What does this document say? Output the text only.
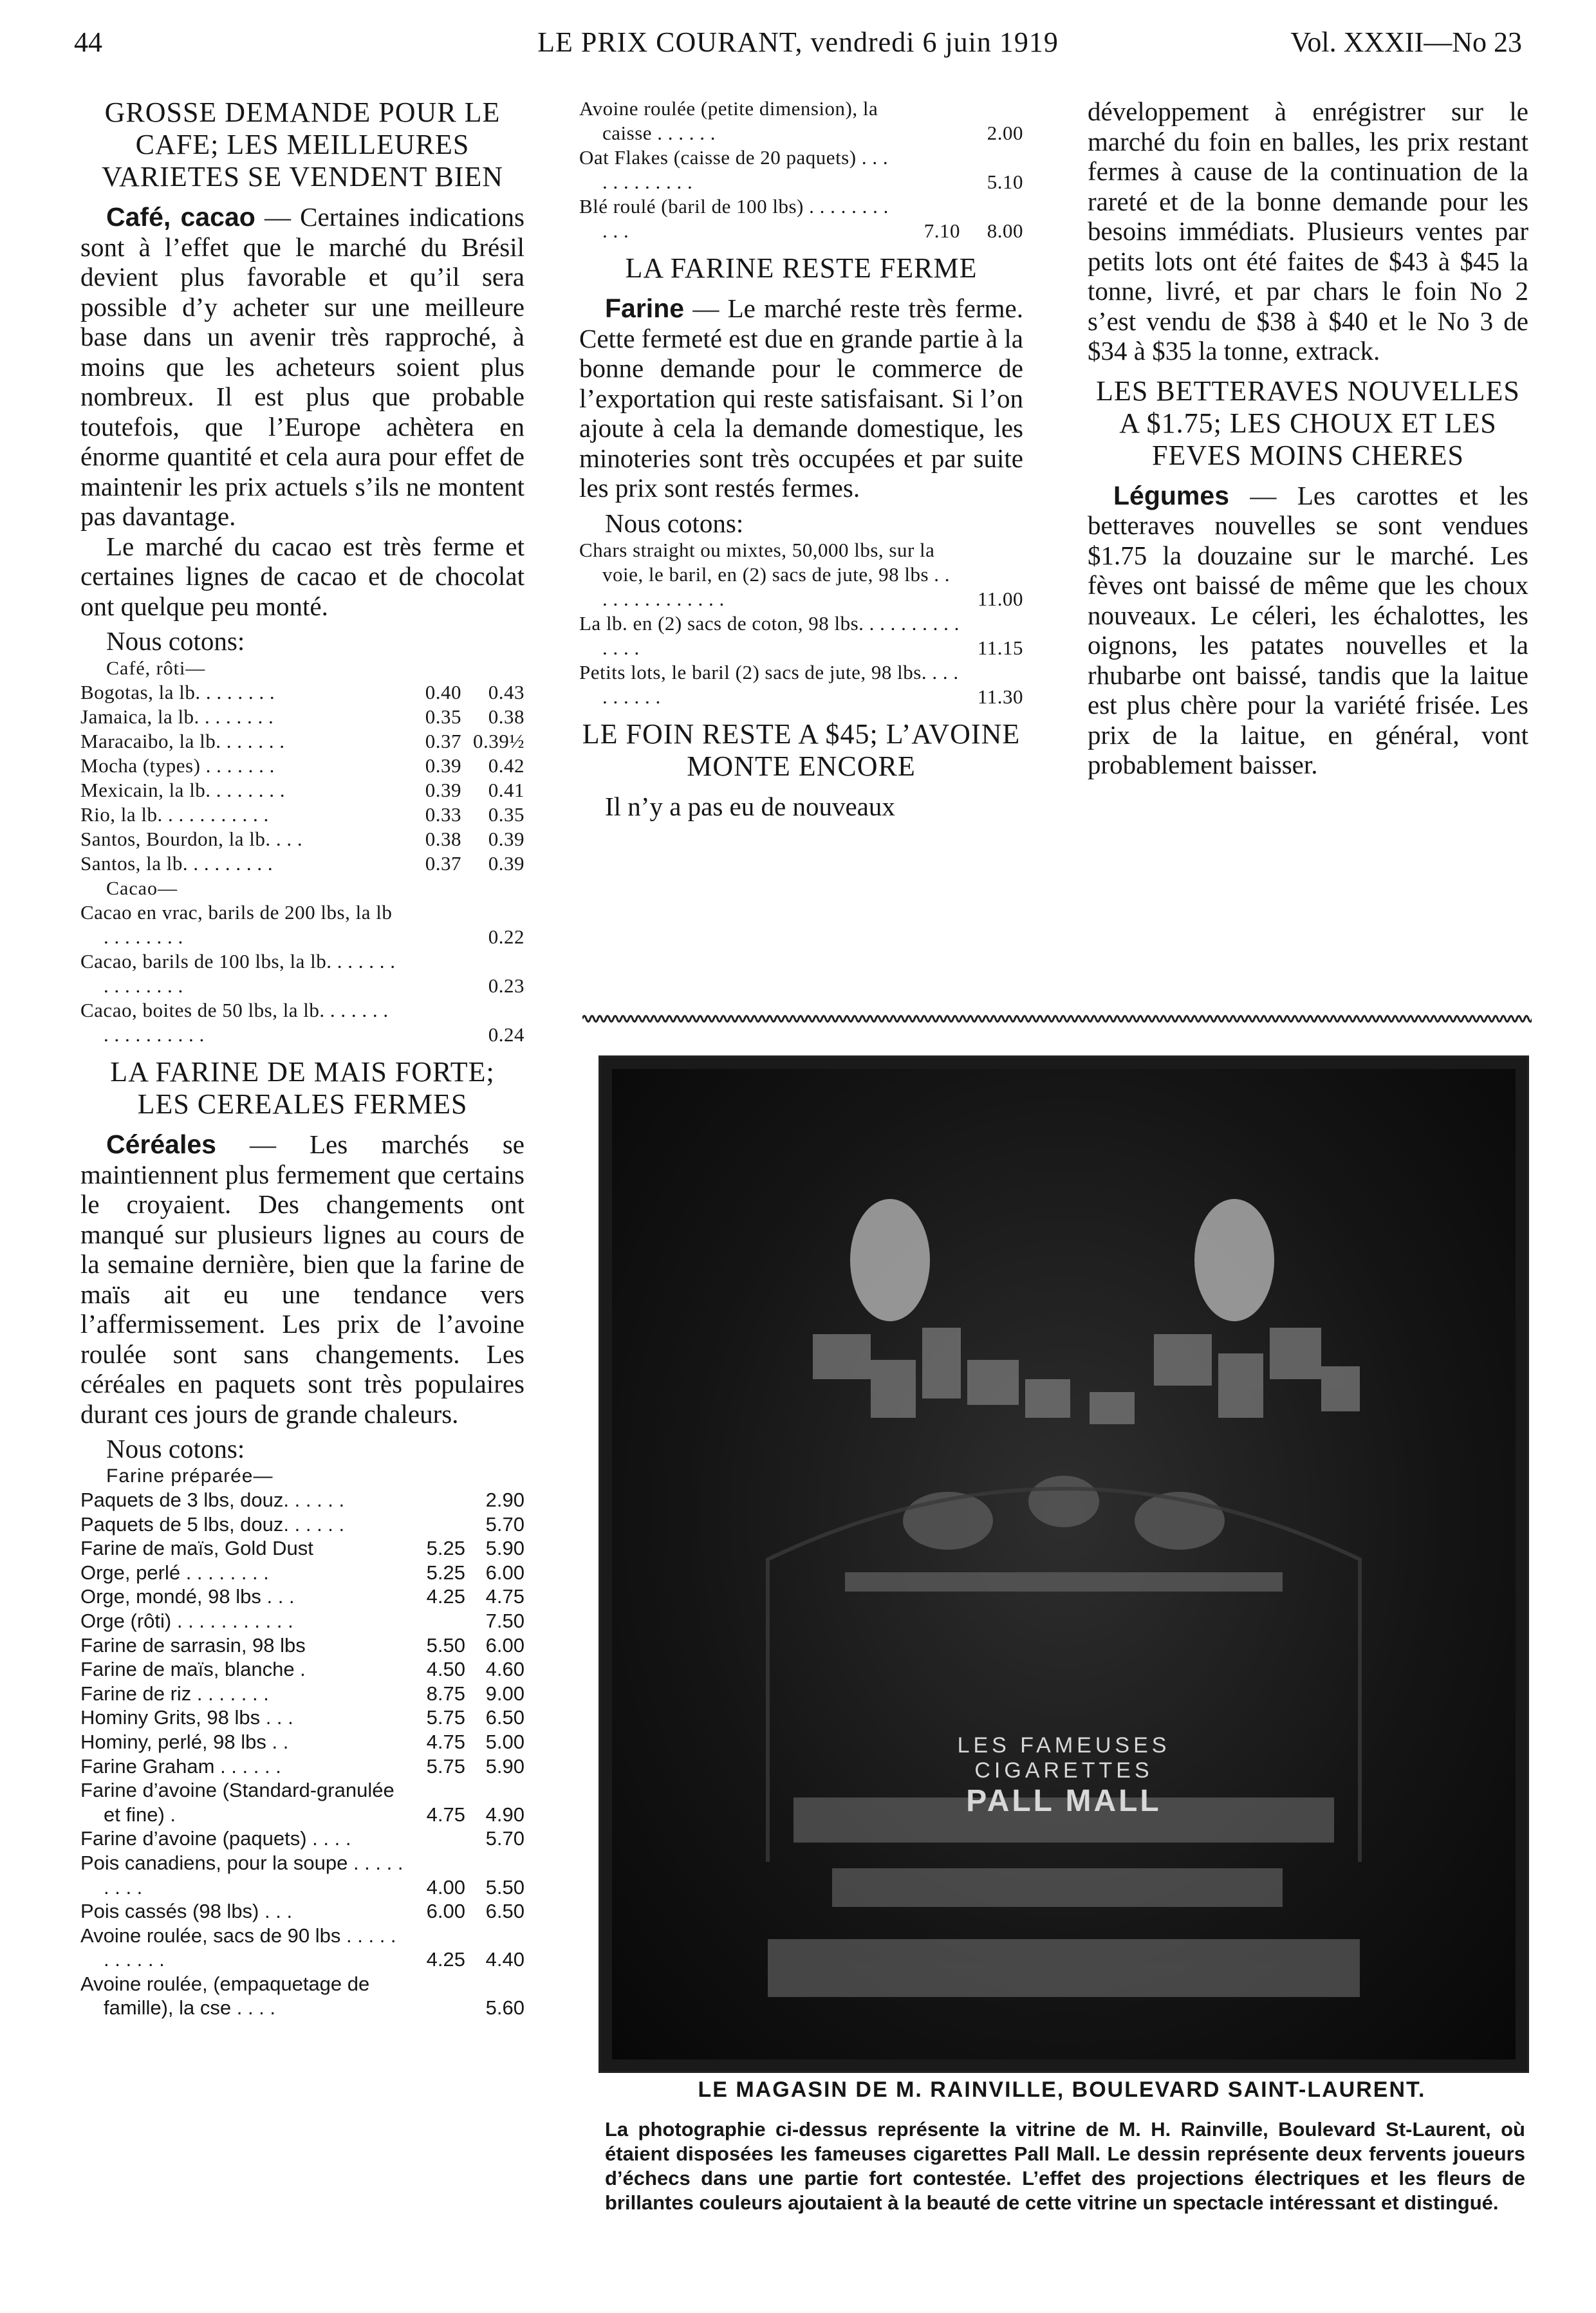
44	LE PRIX COURANT, vendredi 6 juin 1919	Vol. XXXII—No 23
GROSSE DEMANDE POUR LE CAFE; LES MEILLEURES VARIETES SE VENDENT BIEN

Café, cacao — Certaines indications sont à l’effet que le marché du Brésil devient plus favorable et qu’il sera possible d’y acheter sur une meilleure base dans un avenir très rapproché, à moins que les acheteurs soient plus nombreux. Il est plus que probable toutefois, que l’Europe achètera en énorme quantité et cela aura pour effet de maintenir les prix actuels s’ils ne montent pas davantage.

Le marché du cacao est très ferme et certaines lignes de cacao et de chocolat ont quelque peu monté.

Nous cotons:
Café, rôti—
Bogotas, la lb. . . . . . . .	0.40	0.43
Jamaica, la lb. . . . . . . .	0.35	0.38
Maracaibo, la lb. . . . . . .	0.37	0.39½
Mocha (types) . . . . . . .	0.39	0.42
Mexicain, la lb. . . . . . . .	0.39	0.41
Rio, la lb. . . . . . . . . . .	0.33	0.35
Santos, Bourdon, la lb. . . .	0.38	0.39
Santos, la lb. . . . . . . . .	0.37	0.39
Cacao—
Cacao en vrac, barils de 200 lbs, la lb . . . . . . . .		0.22
Cacao, barils de 100 lbs, la lb. . . . . . . . . . . . . . .		0.23
Cacao, boites de 50 lbs, la lb. . . . . . . . . . . . . . . . .		0.24
LA FARINE DE MAIS FORTE; LES CEREALES FERMES

Céréales — Les marchés se maintiennent plus fermement que certains le croyaient. Des changements ont manqué sur plusieurs lignes au cours de la semaine dernière, bien que la farine de maïs ait eu une tendance vers l’affermissement. Les prix de l’avoine roulée sont sans changements. Les céréales en paquets sont très populaires durant ces jours de grande chaleurs.

Nous cotons:
Farine préparée—
Paquets de 3 lbs, douz. . . . . .		2.90
Paquets de 5 lbs, douz. . . . . .		5.70
Farine de maïs, Gold Dust	5.25	5.90
Orge, perlé . . . . . . . .	5.25	6.00
Orge, mondé, 98 lbs . . .	4.25	4.75
Orge (rôti) . . . . . . . . . . .		7.50
Farine de sarrasin, 98 lbs	5.50	6.00
Farine de maïs, blanche .	4.50	4.60
Farine de riz . . . . . . .	8.75	9.00
Hominy Grits, 98 lbs . . .	5.75	6.50
Hominy, perlé, 98 lbs . .	4.75	5.00
Farine Graham . . . . . .	5.75	5.90
Farine d’avoine (Standard-granulée et fine) .	4.75	4.90
Farine d’avoine (paquets) . . . .		5.70
Pois canadiens, pour la soupe . . . . . . . . .	4.00	5.50
Pois cassés (98 lbs) . . .	6.00	6.50
Avoine roulée, sacs de 90 lbs . . . . . . . . . . .	4.25	4.40
Avoine roulée, (empaquetage de famille), la cse . . . .		5.60
Avoine roulée (petite dimension), la caisse . . . . . .		2.00
Oat Flakes (caisse de 20 paquets) . . . . . . . . . . . .		5.10
Blé roulé (baril de 100 lbs) . . . . . . . . . . .	7.10	8.00
LA FARINE RESTE FERME

Farine — Le marché reste très ferme. Cette fermeté est due en grande partie à la bonne demande pour le commerce de l’exportation qui reste satisfaisant. Si l’on ajoute à cela la demande domestique, les minoteries sont très occupées et par suite les prix sont restés fermes.

Nous cotons:
Chars straight ou mixtes, 50,000 lbs, sur la voie, le baril, en (2) sacs de jute, 98 lbs . . . . . . . . . . . . . .	11.00
La lb. en (2) sacs de coton, 98 lbs. . . . . . . . . . . . . .	11.15
Petits lots, le baril (2) sacs de jute, 98 lbs. . . . . . . . . .	11.30
LE FOIN RESTE A $45; L’AVOINE MONTE ENCORE

Il n’y a pas eu de nouveaux

développement à enrégistrer sur le marché du foin en balles, les prix restant fermes à cause de la continuation de la rareté et de la bonne demande pour les besoins immédiats. Plusieurs ventes par petits lots ont été faites de $43 à $45 la tonne, livré, et par chars le foin No 2 s’est vendu de $38 à $40 et le No 3 de $34 à $35 la tonne, extrack.

LES BETTERAVES NOUVELLES A $1.75; LES CHOUX ET LES FEVES MOINS CHERES

Légumes — Les carottes et les betteraves nouvelles se sont vendues $1.75 la douzaine sur le marché. Les fèves ont baissé de même que les choux nouveaux. Le céleri, les échalottes, les oignons, les patates nouvelles et la rhubarbe ont baissé, tandis que la laitue est plus chère pour la variété frisée. Les prix de la laitue, en général, vont probablement baisser.

LES FAMEUSES
CIGARETTES
PALL MALL
LE MAGASIN DE M. RAINVILLE, BOULEVARD SAINT-LAURENT.
La photographie ci-dessus représente la vitrine de M. H. Rainville, Boulevard St-Laurent, où étaient disposées les fameuses cigarettes Pall Mall. Le dessin représente deux fervents joueurs d’échecs dans une partie fort contestée. L’effet des projections électriques et les fleurs de brillantes couleurs ajoutaient à la beauté de cette vitrine un spectacle intéressant et distingué.
